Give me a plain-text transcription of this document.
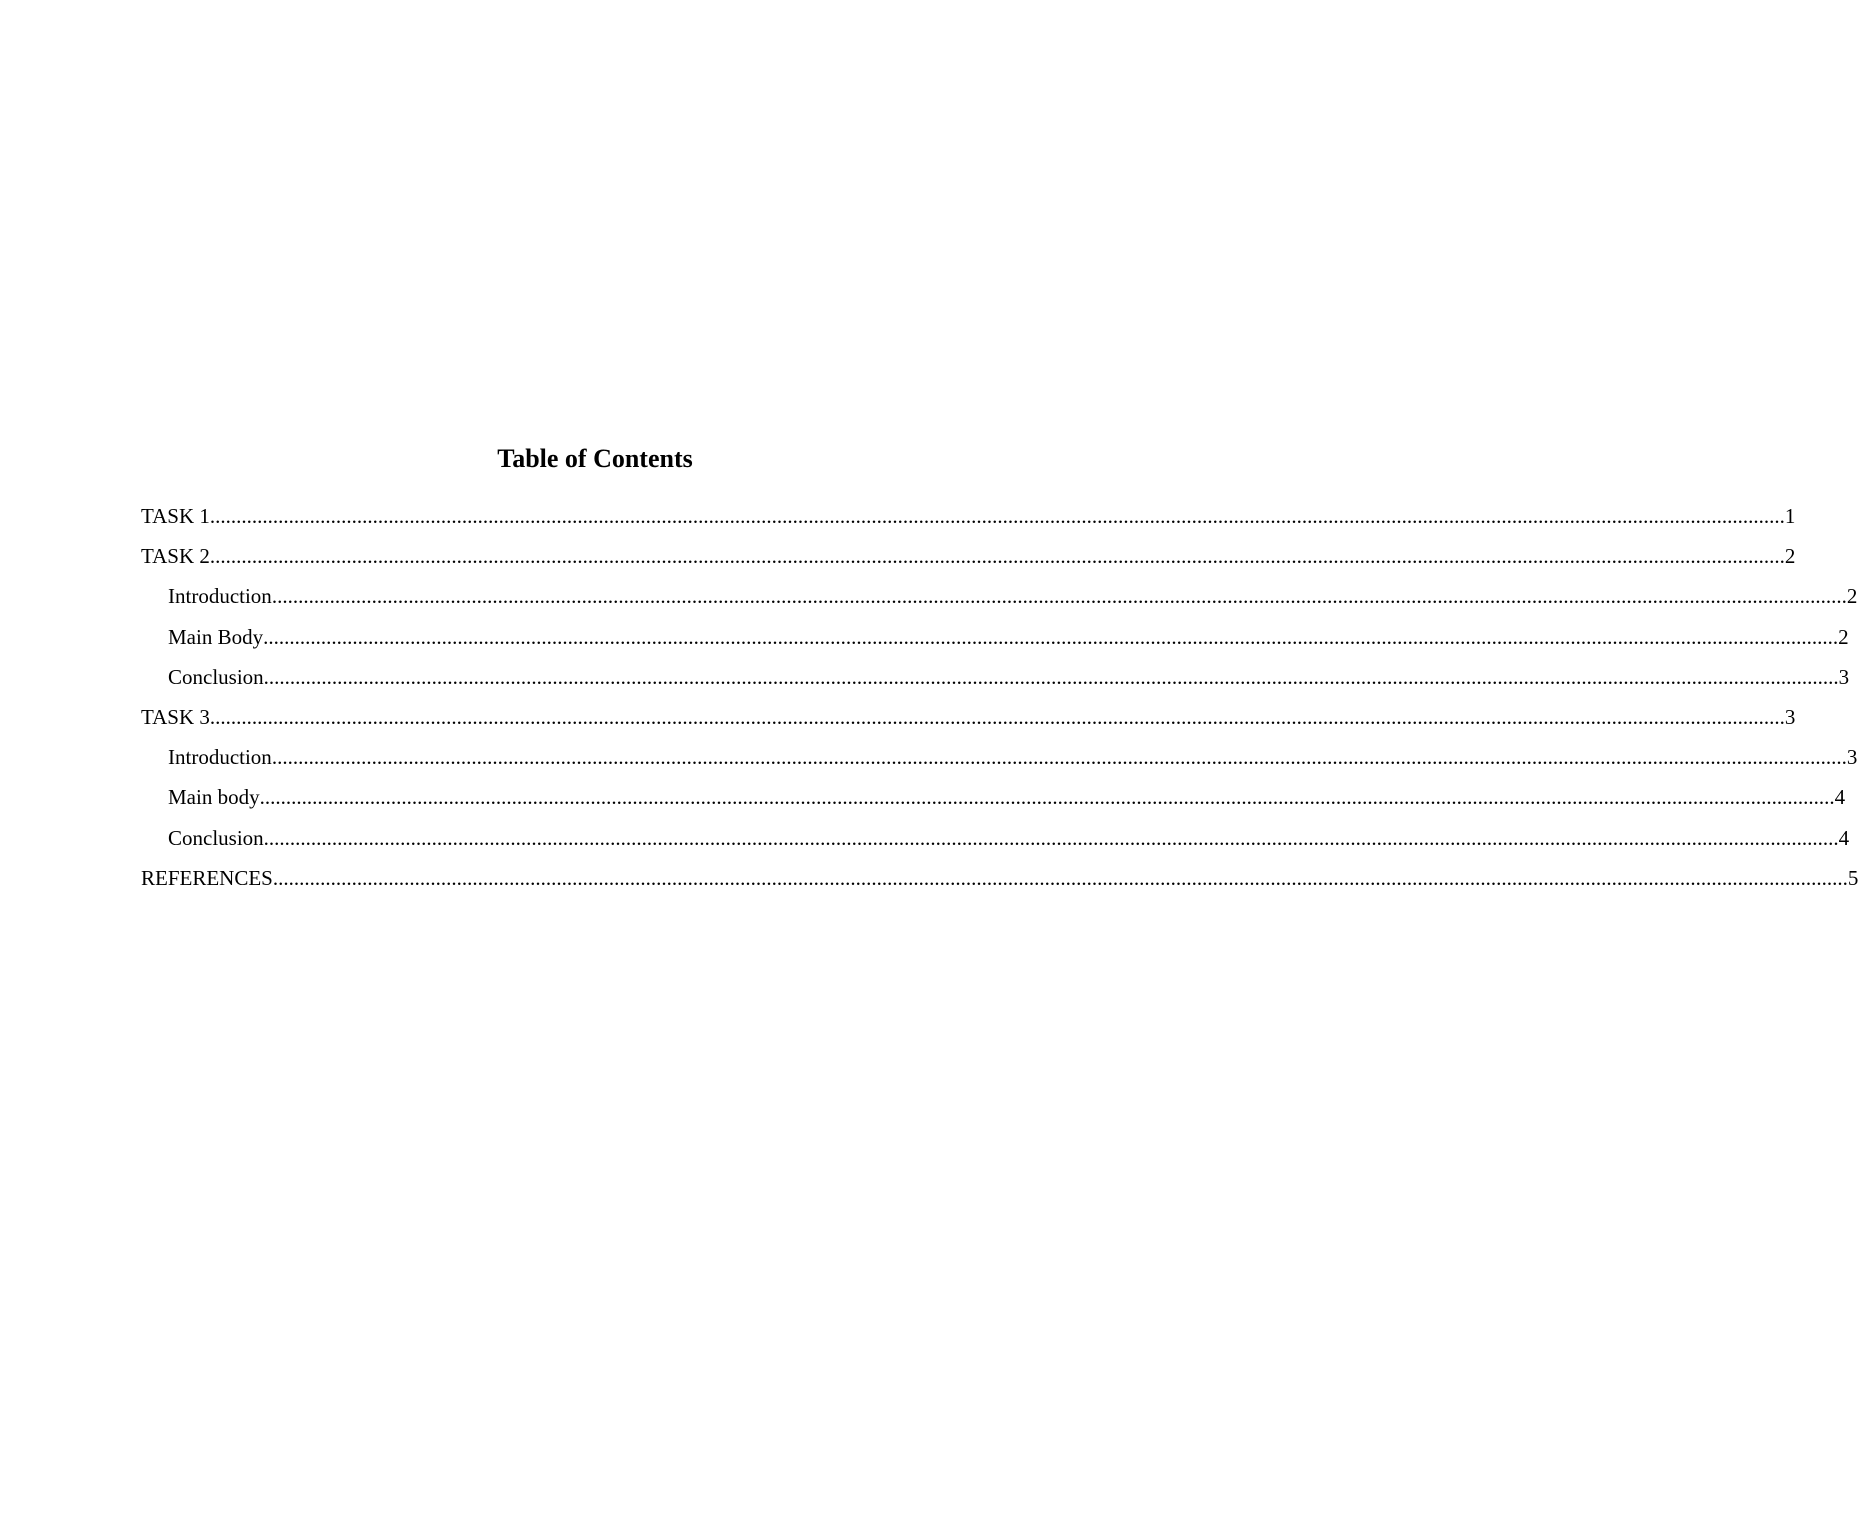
Table of Contents
TASK 1 ............................................................................................................................................................................................................................................................................................................ 1
TASK 2 ............................................................................................................................................................................................................................................................................................................ 2
Introduction ............................................................................................................................................................................................................................................................................................................ 2
Main Body ............................................................................................................................................................................................................................................................................................................ 2
Conclusion ............................................................................................................................................................................................................................................................................................................ 3
TASK 3 ............................................................................................................................................................................................................................................................................................................ 3
Introduction ............................................................................................................................................................................................................................................................................................................ 3
Main body ............................................................................................................................................................................................................................................................................................................ 4
Conclusion ............................................................................................................................................................................................................................................................................................................ 4
REFERENCES ............................................................................................................................................................................................................................................................................................................ 5
